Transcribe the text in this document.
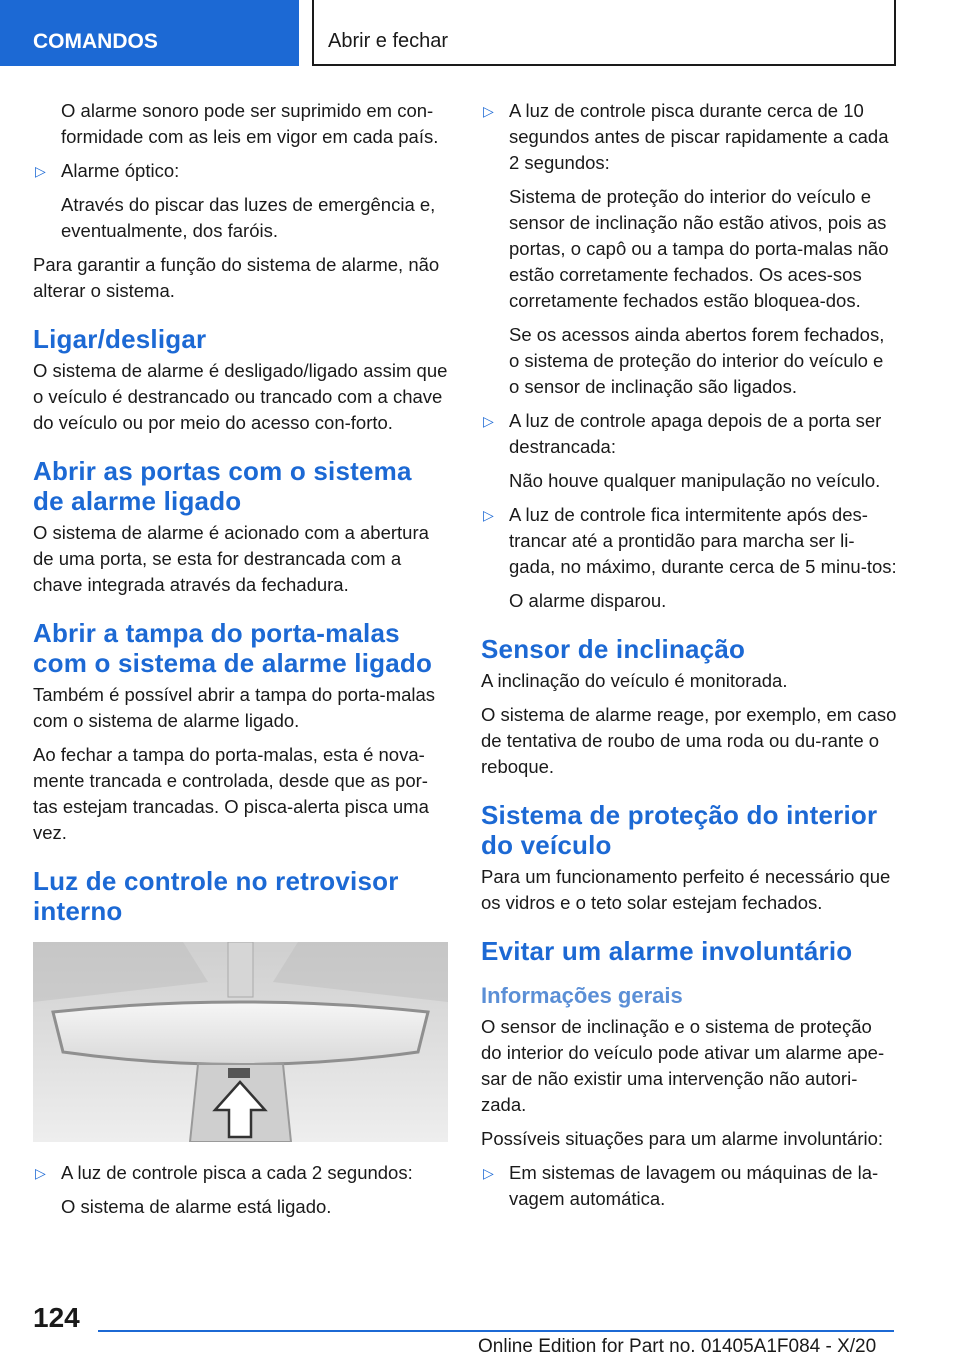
COMANDOS	Abrir e fechar

O alarme sonoro pode ser suprimido em con-formidade com as leis em vigor em cada país.

▷ Alarme óptico:

Através do piscar das luzes de emergência e, eventualmente, dos faróis.

Para garantir a função do sistema de alarme, não alterar o sistema.

Ligar/desligar

O sistema de alarme é desligado/ligado assim que o veículo é destrancado ou trancado com a chave do veículo ou por meio do acesso con-forto.

Abrir as portas com o sistema de alarme ligado

O sistema de alarme é acionado com a abertura de uma porta, se esta for destrancada com a chave integrada através da fechadura.

Abrir a tampa do porta-malas com o sistema de alarme ligado

Também é possível abrir a tampa do porta-malas com o sistema de alarme ligado.

Ao fechar a tampa do porta-malas, esta é nova-mente trancada e controlada, desde que as por-tas estejam trancadas. O pisca-alerta pisca uma vez.

Luz de controle no retrovisor interno
▷ A luz de controle pisca a cada 2 segundos:

O sistema de alarme está ligado.

▷ A luz de controle pisca durante cerca de 10 segundos antes de piscar rapidamente a cada 2 segundos:

Sistema de proteção do interior do veículo e sensor de inclinação não estão ativos, pois as portas, o capô ou a tampa do porta-malas não estão corretamente fechados. Os aces-sos corretamente fechados estão bloquea-dos.

Se os acessos ainda abertos forem fechados, o sistema de proteção do interior do veículo e o sensor de inclinação são ligados.

▷ A luz de controle apaga depois de a porta ser destrancada:

Não houve qualquer manipulação no veículo.

▷ A luz de controle fica intermitente após des-trancar até a prontidão para marcha ser li-gada, no máximo, durante cerca de 5 minu-tos:

O alarme disparou.

Sensor de inclinação

A inclinação do veículo é monitorada.

O sistema de alarme reage, por exemplo, em caso de tentativa de roubo de uma roda ou du-rante o reboque.

Sistema de proteção do interior do veículo

Para um funcionamento perfeito é necessário que os vidros e o teto solar estejam fechados.

Evitar um alarme involuntário
Informações gerais

O sensor de inclinação e o sistema de proteção do interior do veículo pode ativar um alarme ape-sar de não existir uma intervenção não autori-zada.

Possíveis situações para um alarme involuntário:

▷ Em sistemas de lavagem ou máquinas de la-vagem automática.
124
Online Edition for Part no. 01405A1F084 - X/20
